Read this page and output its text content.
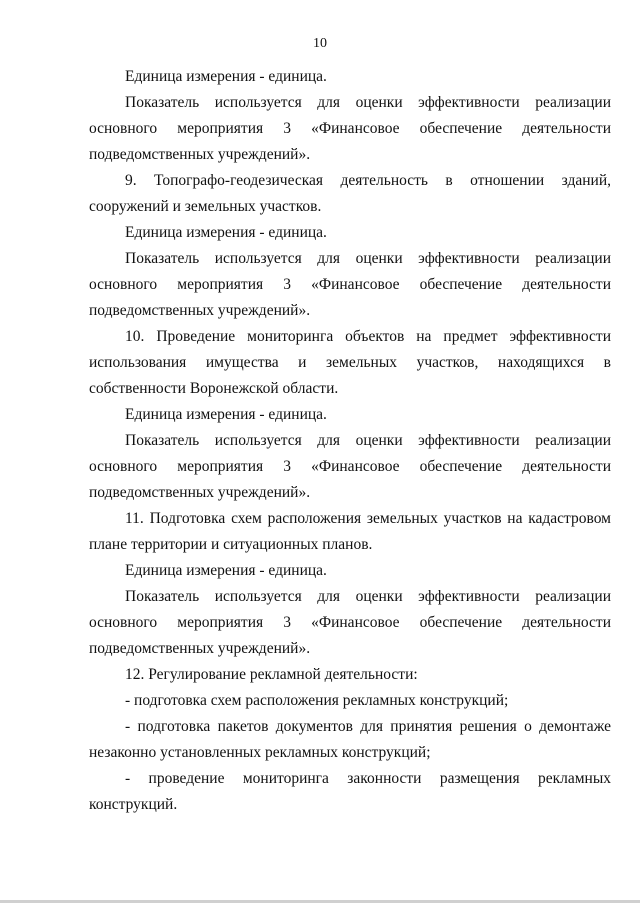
10

Единица измерения - единица.

Показатель используется для оценки эффективности реализации основного мероприятия 3 «Финансовое обеспечение деятельности подведомственных учреждений».

9. Топографо-геодезическая деятельность в отношении зданий, сооружений и земельных участков.

Единица измерения - единица.

Показатель используется для оценки эффективности реализации основного мероприятия 3 «Финансовое обеспечение деятельности подведомственных учреждений».

10. Проведение мониторинга объектов на предмет эффективности использования имущества и земельных участков, находящихся в собственности Воронежской области.

Единица измерения - единица.

Показатель используется для оценки эффективности реализации основного мероприятия 3 «Финансовое обеспечение деятельности подведомственных учреждений».

11. Подготовка схем расположения земельных участков на кадастровом плане территории и ситуационных планов.

Единица измерения - единица.

Показатель используется для оценки эффективности реализации основного мероприятия 3 «Финансовое обеспечение деятельности подведомственных учреждений».

12. Регулирование рекламной деятельности:

- подготовка схем расположения рекламных конструкций;

- подготовка пакетов документов для принятия решения о демонтаже незаконно установленных рекламных конструкций;

- проведение мониторинга законности размещения рекламных конструкций.
